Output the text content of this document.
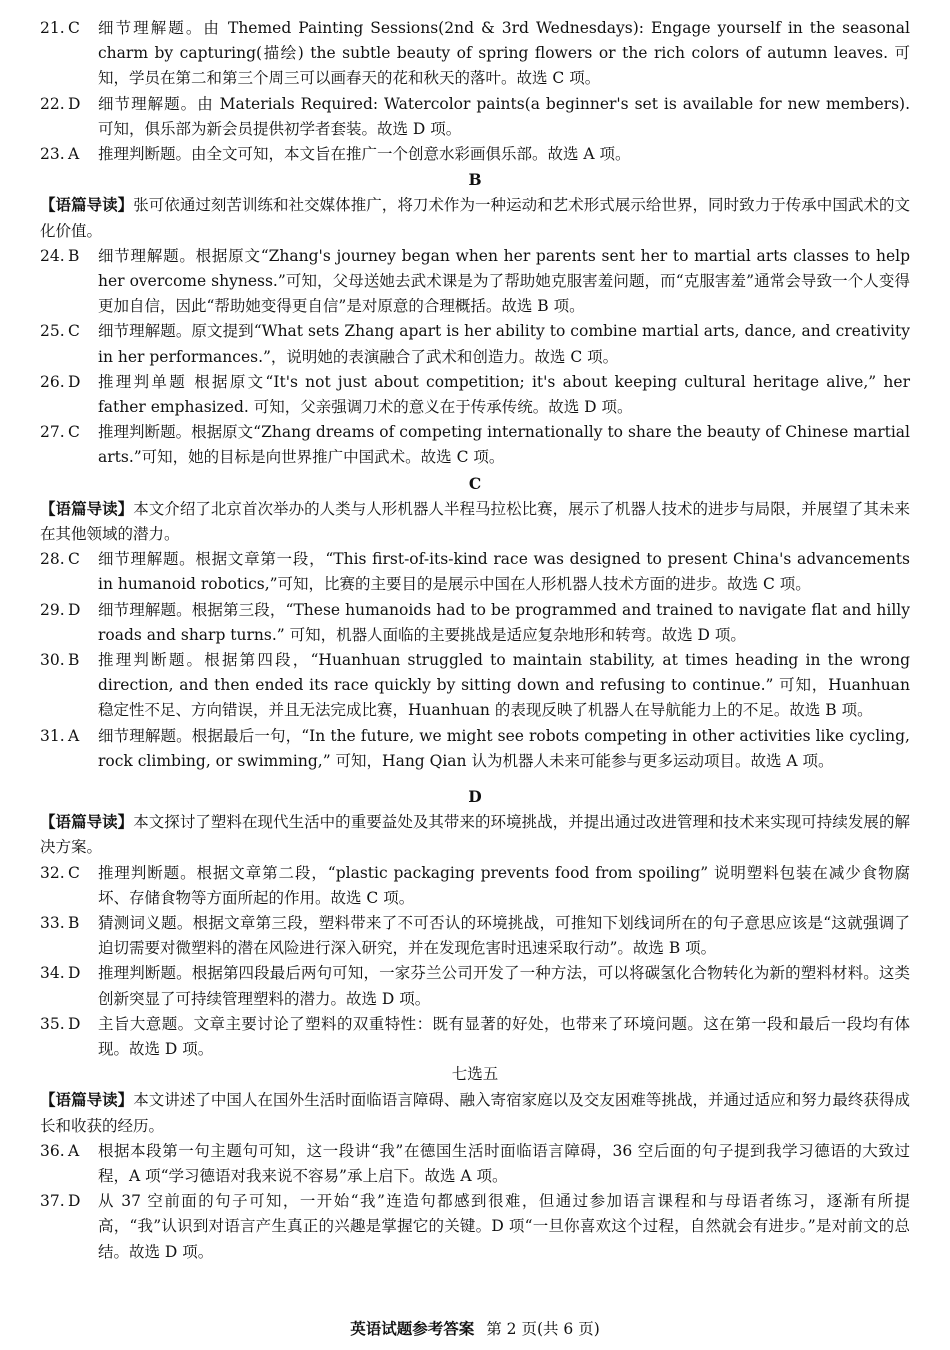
21. C	细节理解题。由 Themed Painting Sessions(2nd & 3rd Wednesdays): Engage yourself in the seasonal charm by capturing(描绘) the subtle beauty of spring flowers or the rich colors of autumn leaves. 可知，学员在第二和第三个周三可以画春天的花和秋天的落叶。故选 C 项。
22. D	细节理解题。由 Materials Required: Watercolor paints(a beginner's set is available for new members). 可知，俱乐部为新会员提供初学者套装。故选 D 项。
23. A	推理判断题。由全文可知，本文旨在推广一个创意水彩画俱乐部。故选 A 项。
B
【语篇导读】张可依通过刻苦训练和社交媒体推广，将刀术作为一种运动和艺术形式展示给世界，同时致力于传承中国武术的文化价值。
24. B	细节理解题。根据原文“Zhang's journey began when her parents sent her to martial arts classes to help her overcome shyness.”可知，父母送她去武术课是为了帮助她克服害羞问题，而“克服害羞”通常会导致一个人变得更加自信，因此“帮助她变得更自信”是对原意的合理概括。故选 B 项。
25. C	细节理解题。原文提到“What sets Zhang apart is her ability to combine martial arts, dance, and creativity in her performances.”，说明她的表演融合了武术和创造力。故选 C 项。
26. D	推理判单题 根据原文“It's not just about competition; it's about keeping cultural heritage alive,” her father emphasized. 可知，父亲强调刀术的意义在于传承传统。故选 D 项。
27. C	推理判断题。根据原文“Zhang dreams of competing internationally to share the beauty of Chinese martial arts.”可知，她的目标是向世界推广中国武术。故选 C 项。
C
【语篇导读】本文介绍了北京首次举办的人类与人形机器人半程马拉松比赛，展示了机器人技术的进步与局限，并展望了其未来在其他领域的潜力。
28. C	细节理解题。根据文章第一段，“This first-of-its-kind race was designed to present China's advancements in humanoid robotics,”可知，比赛的主要目的是展示中国在人形机器人技术方面的进步。故选 C 项。
29. D	细节理解题。根据第三段，“These humanoids had to be programmed and trained to navigate flat and hilly roads and sharp turns.” 可知，机器人面临的主要挑战是适应复杂地形和转弯。故选 D 项。
30. B	推理判断题。根据第四段，“Huanhuan struggled to maintain stability, at times heading in the wrong direction, and then ended its race quickly by sitting down and refusing to continue.” 可知，Huanhuan 稳定性不足、方向错误，并且无法完成比赛，Huanhuan 的表现反映了机器人在导航能力上的不足。故选 B 项。
31. A	细节理解题。根据最后一句，“In the future, we might see robots competing in other activities like cycling, rock climbing, or swimming,” 可知，Hang Qian 认为机器人未来可能参与更多运动项目。故选 A 项。
D
【语篇导读】本文探讨了塑料在现代生活中的重要益处及其带来的环境挑战，并提出通过改进管理和技术来实现可持续发展的解决方案。
32. C	推理判断题。根据文章第二段，“plastic packaging prevents food from spoiling” 说明塑料包装在减少食物腐坏、存储食物等方面所起的作用。故选 C 项。
33. B	猜测词义题。根据文章第三段，塑料带来了不可否认的环境挑战，可推知下划线词所在的句子意思应该是“这就强调了迫切需要对微塑料的潜在风险进行深入研究，并在发现危害时迅速采取行动”。故选 B 项。
34. D	推理判断题。根据第四段最后两句可知，一家芬兰公司开发了一种方法，可以将碳氢化合物转化为新的塑料材料。这类创新突显了可持续管理塑料的潜力。故选 D 项。
35. D	主旨大意题。文章主要讨论了塑料的双重特性：既有显著的好处，也带来了环境问题。这在第一段和最后一段均有体现。故选 D 项。
七选五
【语篇导读】本文讲述了中国人在国外生活时面临语言障碍、融入寄宿家庭以及交友困难等挑战，并通过适应和努力最终获得成长和收获的经历。
36. A	根据本段第一句主题句可知，这一段讲“我”在德国生活时面临语言障碍，36 空后面的句子提到我学习德语的大致过程，A 项“学习德语对我来说不容易”承上启下。故选 A 项。
37. D	从 37 空前面的句子可知，一开始“我”连造句都感到很难，但通过参加语言课程和与母语者练习，逐渐有所提高，“我”认识到对语言产生真正的兴趣是掌握它的关键。D 项“一旦你喜欢这个过程，自然就会有进步。”是对前文的总结。故选 D 项。
英语试题参考答案 第 2 页(共 6 页)
